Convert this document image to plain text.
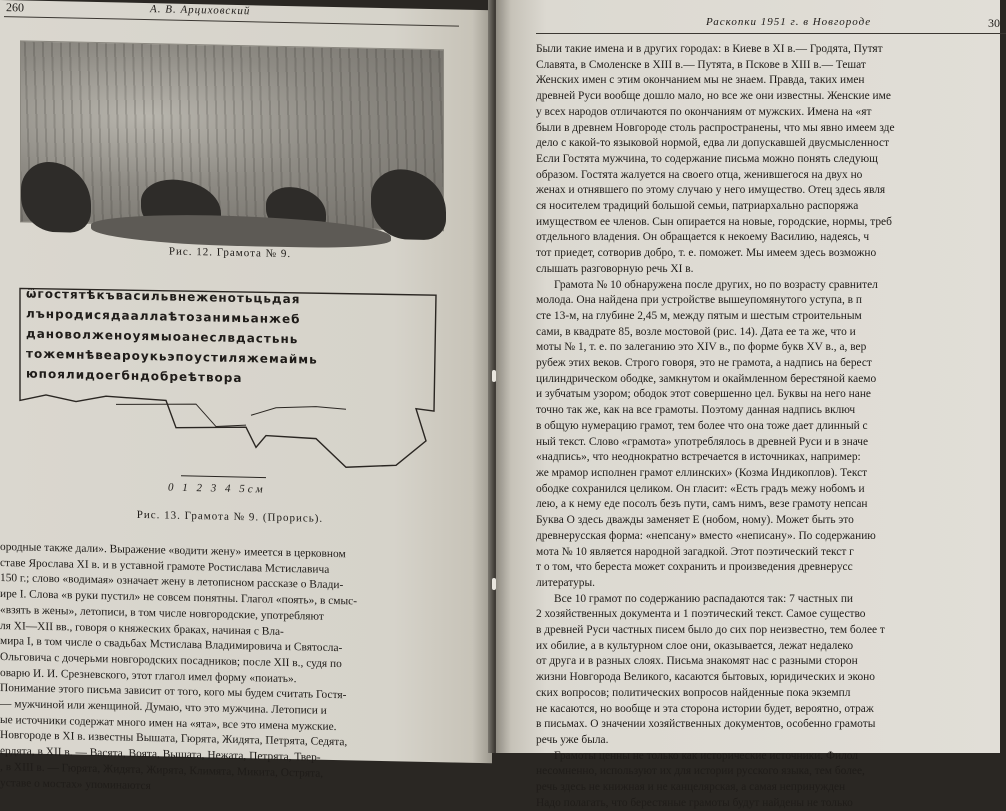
260	А. В. Арциховский
Рис. 12. Грамота № 9.
ѿгостятѣкъвасильвнеженотьцьдая
лънродисядааллаѣтозанимьанжеб
дановолженоуямыоанеслвдастьнь
тожемнѣвеароукьэпоустиляжемаймь
юпоялидоегбндобреѣтвора
0 1 2 3 4 5см
Рис. 13. Грамота № 9. (Прорись).

ородные также дали». Выражение «водити жену» имеется в церковном

ставе Ярослава XI в. и в уставной грамоте Ростислава Мстиславича

150 г.; слово «водимая» означает жену в летописном рассказе о Влади-

ире I. Слова «в руки пустил» не совсем понятны. Глагол «поять», в смыс-

«взять в жены», летописи, в том числе новгородские, употребляют

ля XI—XII вв., говоря о княжеских браках, начиная с Вла-

мира I, в том числе о свадьбах Мстислава Владимировича и Святосла-

Ольговича с дочерьми новгородских посадников; после XII в., судя по

оварю И. И. Срезневского, этот глагол имел форму «поиать».

Понимание этого письма зависит от того, кого мы будем считать Гостя-

— мужчиной или женщиной. Думаю, что это мужчина. Летописи и

ые источники содержат много имен на «ята», все это имена мужские.

Новгороде в XI в. известны Вышата, Гюрята, Жидята, Петрята, Седята,

ердята, в XII в. — Васята, Воята, Вышата, Нежата, Петрята, Твер-

, в XIII в. — Гюрята, Жидята, Жирята, Климята, Микита, Острята,

уставе о мостах» упоминаются

Раскопки 1951 г. в Новгороде	30

Были такие имена и в других городах: в Киеве в XI в.— Гродята, Путят
Славята, в Смоленске в XIII в.— Путята, в Пскове в XIII в.— Тешат
Женских имен с этим окончанием мы не знаем. Правда, таких имен
древней Руси вообще дошло мало, но все же они известны. Женские име
у всех народов отличаются по окончаниям от мужских. Имена на «ят
были в древнем Новгороде столь распространены, что мы явно имеем зде
дело с какой-то языковой нормой, едва ли допускавшей двусмысленност
Если Гостята мужчина, то содержание письма можно понять следующ
образом. Гостята жалуется на своего отца, женившегося на двух но
женах и отнявшего по этому случаю у него имущество. Отец здесь явля
ся носителем традиций большой семьи, патриархально распоряжа
имуществом ее членов. Сын опирается на новые, городские, нормы, треб
отдельного владения. Он обращается к некоему Василию, надеясь, ч
тот приедет, сотворив добро, т. е. поможет. Мы имеем здесь возможно
слышать разговорную речь XI в.

Грамота № 10 обнаружена после других, но по возрасту сравнител
молода. Она найдена при устройстве вышеупомянутого уступа, в п
сте 13-м, на глубине 2,45 м, между пятым и шестым строительным
сами, в квадрате 85, возле мостовой (рис. 14). Дата ее та же, что и
моты № 1, т. е. по залеганию это XIV в., по форме букв XV в., а, вер
рубеж этих веков. Строго говоря, это не грамота, а надпись на берест
цилиндрическом ободке, замкнутом и окаймленном берестяной каемо
и зубчатым узором; ободок этот совершенно цел. Буквы на него нане
точно так же, как на все грамоты. Поэтому данная надпись включ
в общую нумерацию грамот, тем более что она тоже дает длинный с
ный текст. Слово «грамота» употреблялось в древней Руси и в значе
«надпись», что неоднократно встречается в источниках, например:
же мрамор исполнен грамот еллинских» (Козма Индикоплов). Текст
ободке сохранился целиком. Он гласит: «Есть градъ межу нобомъ и
лею, а к нему еде посолъ безъ пути, самъ нимъ, везе грамоту непсан
Буква О здесь дважды заменяет Е (нобом, ному). Может быть это
древнерусская форма: «непсану» вместо «неписану». По содержанию
мота № 10 является народной загадкой. Этот поэтический текст г
т о том, что береста может сохранить и произведения древнерусс
литературы.

Все 10 грамот по содержанию распадаются так: 7 частных пи
2 хозяйственных документа и 1 поэтический текст. Самое существо
в древней Руси частных писем было до сих пор неизвестно, тем более т
их обилие, а в культурном слое они, оказывается, лежат недалеко
от друга и в разных слоях. Письма знакомят нас с разными сторон
жизни Новгорода Великого, касаются бытовых, юридических и эконо
ских вопросов; политических вопросов найденные пока экземпл
не касаются, но вообще и эта сторона истории будет, вероятно, отраж
в письмах. О значении хозяйственных документов, особенно грамоты
речь уже была.

Грамоты ценны не только как исторические источники. Филол
несомненно, используют их для истории русского языка, тем более,
речь здесь не книжная и не канцелярская, а самая непринужден
Надо полагать, что берестяные грамоты будут найдены не только
